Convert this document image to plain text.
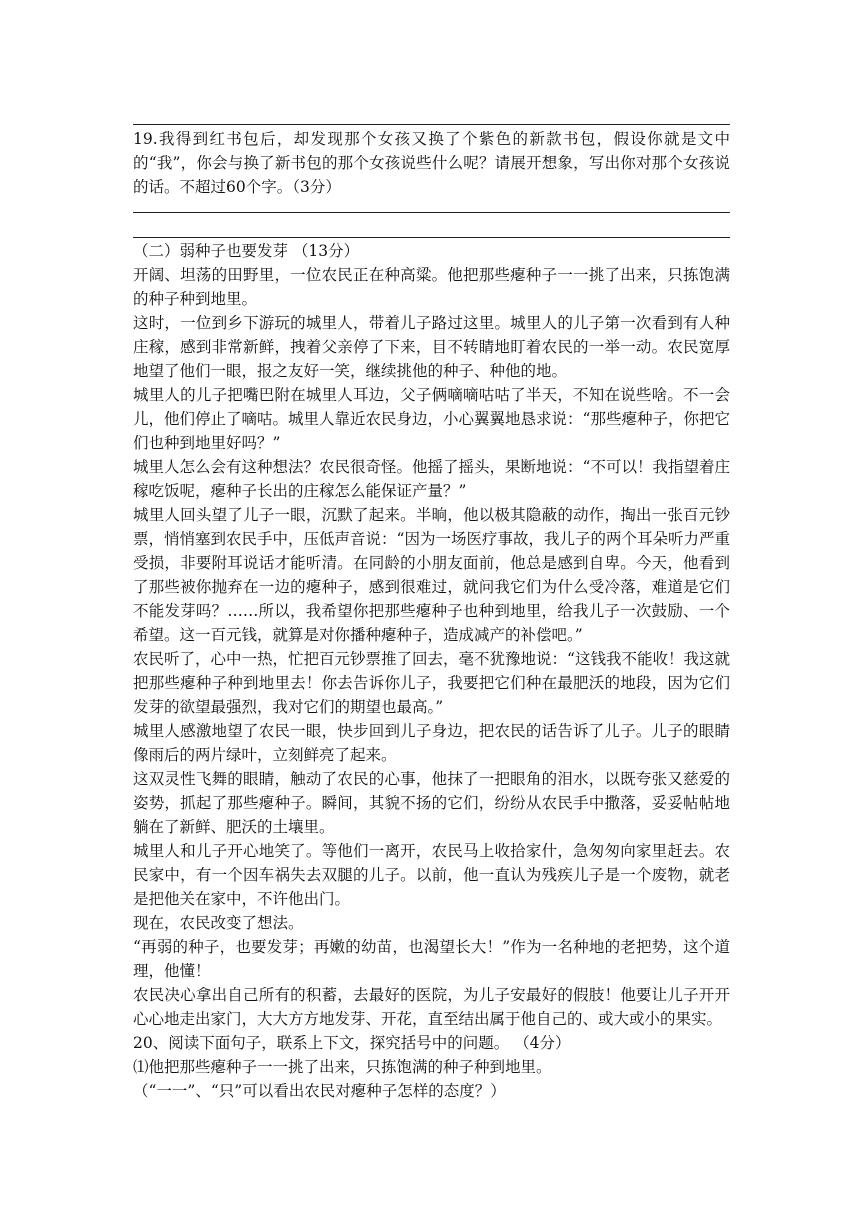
19.我得到红书包后，却发现那个女孩又换了个紫色的新款书包，假设你就是文中的“我”，你会与换了新书包的那个女孩说些什么呢？请展开想象，写出你对那个女孩说的话。不超过60个字。（3分）

（二）弱种子也要发芽 （13分）

开阔、坦荡的田野里，一位农民正在种高粱。他把那些瘪种子一一挑了出来，只拣饱满的种子种到地里。

这时，一位到乡下游玩的城里人，带着儿子路过这里。城里人的儿子第一次看到有人种庄稼，感到非常新鲜，拽着父亲停了下来，目不转睛地盯着农民的一举一动。农民宽厚地望了他们一眼，报之友好一笑，继续挑他的种子、种他的地。

城里人的儿子把嘴巴附在城里人耳边，父子俩嘀嘀咕咕了半天，不知在说些啥。不一会儿，他们停止了嘀咕。城里人靠近农民身边，小心翼翼地恳求说：“那些瘪种子，你把它们也种到地里好吗？”

城里人怎么会有这种想法？农民很奇怪。他摇了摇头，果断地说：“不可以！我指望着庄稼吃饭呢，瘪种子长出的庄稼怎么能保证产量？”

城里人回头望了儿子一眼，沉默了起来。半晌，他以极其隐蔽的动作，掏出一张百元钞票，悄悄塞到农民手中，压低声音说：“因为一场医疗事故，我儿子的两个耳朵听力严重受损，非要附耳说话才能听清。在同龄的小朋友面前，他总是感到自卑。今天，他看到了那些被你抛弃在一边的瘪种子，感到很难过，就问我它们为什么受冷落，难道是它们不能发芽吗？……所以，我希望你把那些瘪种子也种到地里，给我儿子一次鼓励、一个希望。这一百元钱，就算是对你播种瘪种子，造成减产的补偿吧。”

农民听了，心中一热，忙把百元钞票推了回去，毫不犹豫地说：“这钱我不能收！我这就把那些瘪种子种到地里去！你去告诉你儿子，我要把它们种在最肥沃的地段，因为它们发芽的欲望最强烈，我对它们的期望也最高。”

城里人感激地望了农民一眼，快步回到儿子身边，把农民的话告诉了儿子。儿子的眼睛像雨后的两片绿叶，立刻鲜亮了起来。

这双灵性飞舞的眼睛，触动了农民的心事，他抹了一把眼角的泪水，以既夸张又慈爱的姿势，抓起了那些瘪种子。瞬间，其貌不扬的它们，纷纷从农民手中撒落，妥妥帖帖地躺在了新鲜、肥沃的土壤里。

城里人和儿子开心地笑了。等他们一离开，农民马上收拾家什，急匆匆向家里赶去。农民家中，有一个因车祸失去双腿的儿子。以前，他一直认为残疾儿子是一个废物，就老是把他关在家中，不许他出门。

现在，农民改变了想法。

“再弱的种子，也要发芽；再嫩的幼苗，也渴望长大！”作为一名种地的老把势，这个道理，他懂！

农民决心拿出自己所有的积蓄，去最好的医院，为儿子安最好的假肢！他要让儿子开开心心地走出家门，大大方方地发芽、开花，直至结出属于他自己的、或大或小的果实。

20、阅读下面句子，联系上下文，探究括号中的问题。 （4分）

⑴他把那些瘪种子一一挑了出来，只拣饱满的种子种到地里。

（“一一”、“只”可以看出农民对瘪种子怎样的态度？）
